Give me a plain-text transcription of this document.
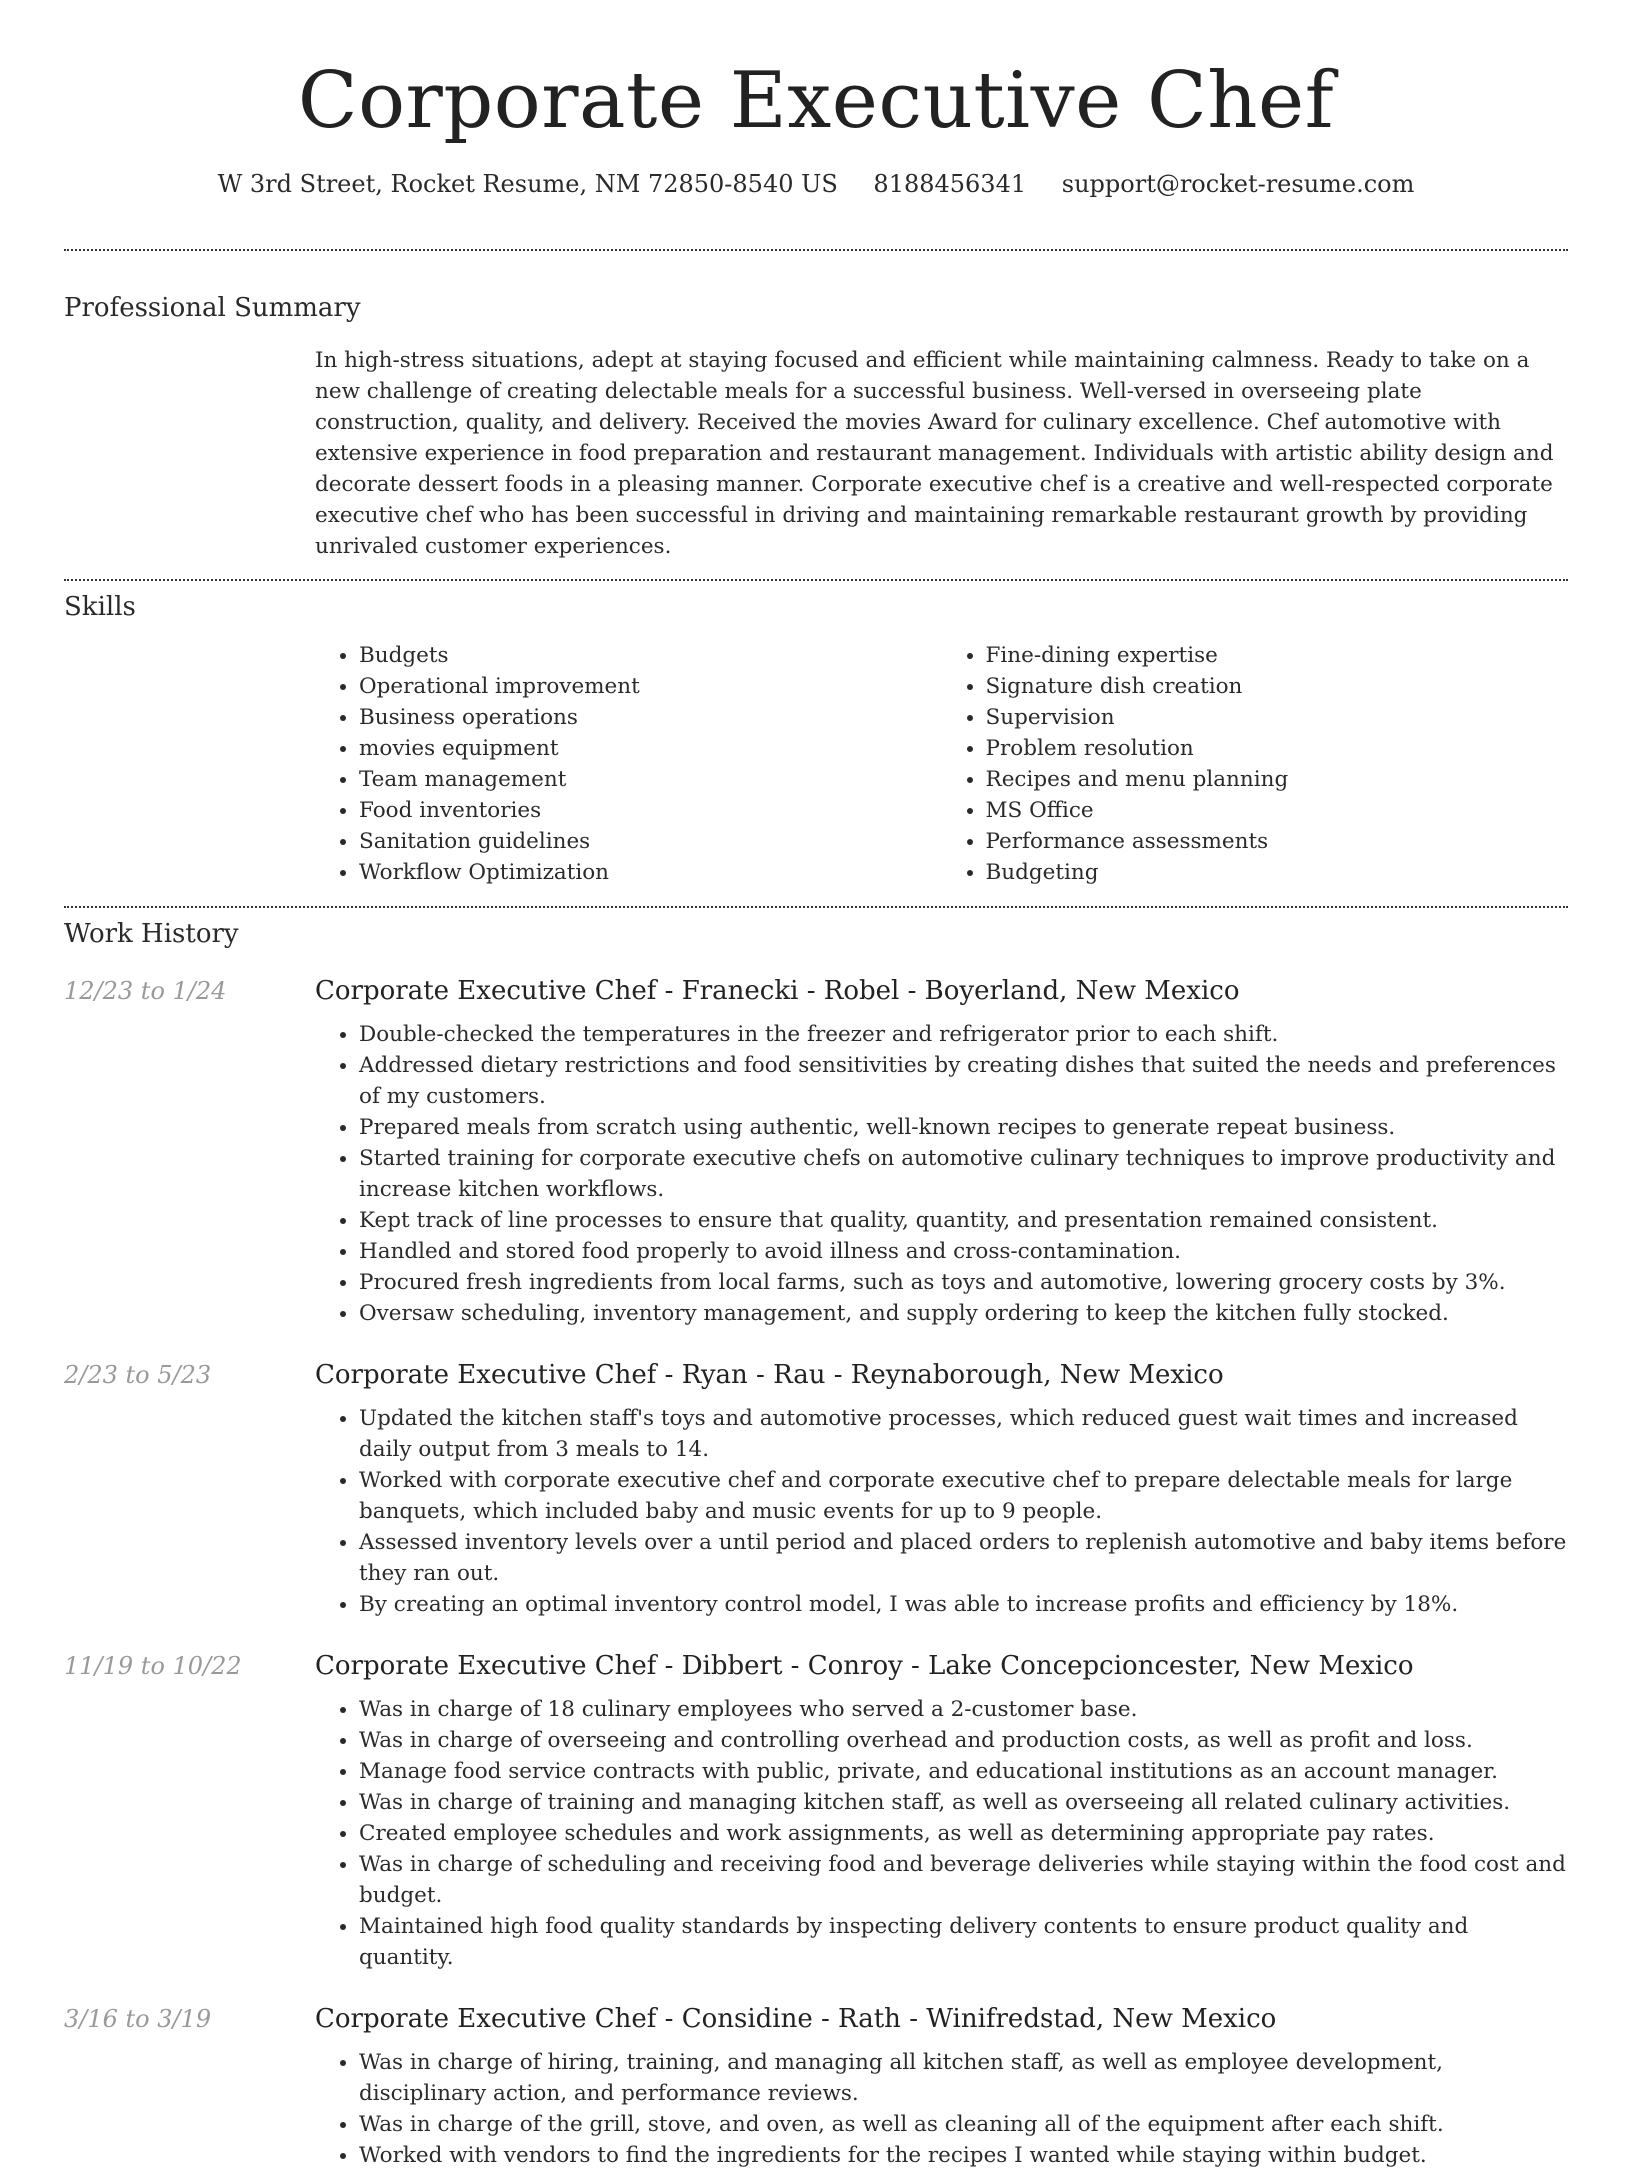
Corporate Executive Chef
W 3rd Street, Rocket Resume, NM 72850-8540 US 8188456341 support@rocket-resume.com
Professional Summary

In high-stress situations, adept at staying focused and efficient while maintaining calmness. Ready to take on a new challenge of creating delectable meals for a successful business. Well-versed in overseeing plate construction, quality, and delivery. Received the movies Award for culinary excellence. Chef automotive with extensive experience in food preparation and restaurant management. Individuals with artistic ability design and decorate dessert foods in a pleasing manner. Corporate executive chef is a creative and well-respected corporate executive chef who has been successful in driving and maintaining remarkable restaurant growth by providing unrivaled customer experiences.

Skills
• Budgets
• Operational improvement
• Business operations
• movies equipment
• Team management
• Food inventories
• Sanitation guidelines
• Workflow Optimization
• Fine-dining expertise
• Signature dish creation
• Supervision
• Problem resolution
• Recipes and menu planning
• MS Office
• Performance assessments
• Budgeting
Work History
12/23 to 1/24	Corporate Executive Chef - Franecki - Robel - Boyerland, New Mexico
• Double-checked the temperatures in the freezer and refrigerator prior to each shift.
• Addressed dietary restrictions and food sensitivities by creating dishes that suited the needs and preferences of my customers.
• Prepared meals from scratch using authentic, well-known recipes to generate repeat business.
• Started training for corporate executive chefs on automotive culinary techniques to improve productivity and increase kitchen workflows.
• Kept track of line processes to ensure that quality, quantity, and presentation remained consistent.
• Handled and stored food properly to avoid illness and cross-contamination.
• Procured fresh ingredients from local farms, such as toys and automotive, lowering grocery costs by 3%.
• Oversaw scheduling, inventory management, and supply ordering to keep the kitchen fully stocked.
2/23 to 5/23	Corporate Executive Chef - Ryan - Rau - Reynaborough, New Mexico
• Updated the kitchen staff's toys and automotive processes, which reduced guest wait times and increased daily output from 3 meals to 14.
• Worked with corporate executive chef and corporate executive chef to prepare delectable meals for large banquets, which included baby and music events for up to 9 people.
• Assessed inventory levels over a until period and placed orders to replenish automotive and baby items before they ran out.
• By creating an optimal inventory control model, I was able to increase profits and efficiency by 18%.
11/19 to 10/22	Corporate Executive Chef - Dibbert - Conroy - Lake Concepcioncester, New Mexico
• Was in charge of 18 culinary employees who served a 2-customer base.
• Was in charge of overseeing and controlling overhead and production costs, as well as profit and loss.
• Manage food service contracts with public, private, and educational institutions as an account manager.
• Was in charge of training and managing kitchen staff, as well as overseeing all related culinary activities.
• Created employee schedules and work assignments, as well as determining appropriate pay rates.
• Was in charge of scheduling and receiving food and beverage deliveries while staying within the food cost and budget.
• Maintained high food quality standards by inspecting delivery contents to ensure product quality and quantity.
3/16 to 3/19	Corporate Executive Chef - Considine - Rath - Winifredstad, New Mexico
• Was in charge of hiring, training, and managing all kitchen staff, as well as employee development, disciplinary action, and performance reviews.
• Was in charge of the grill, stove, and oven, as well as cleaning all of the equipment after each shift.
• Worked with vendors to find the ingredients for the recipes I wanted while staying within budget.
